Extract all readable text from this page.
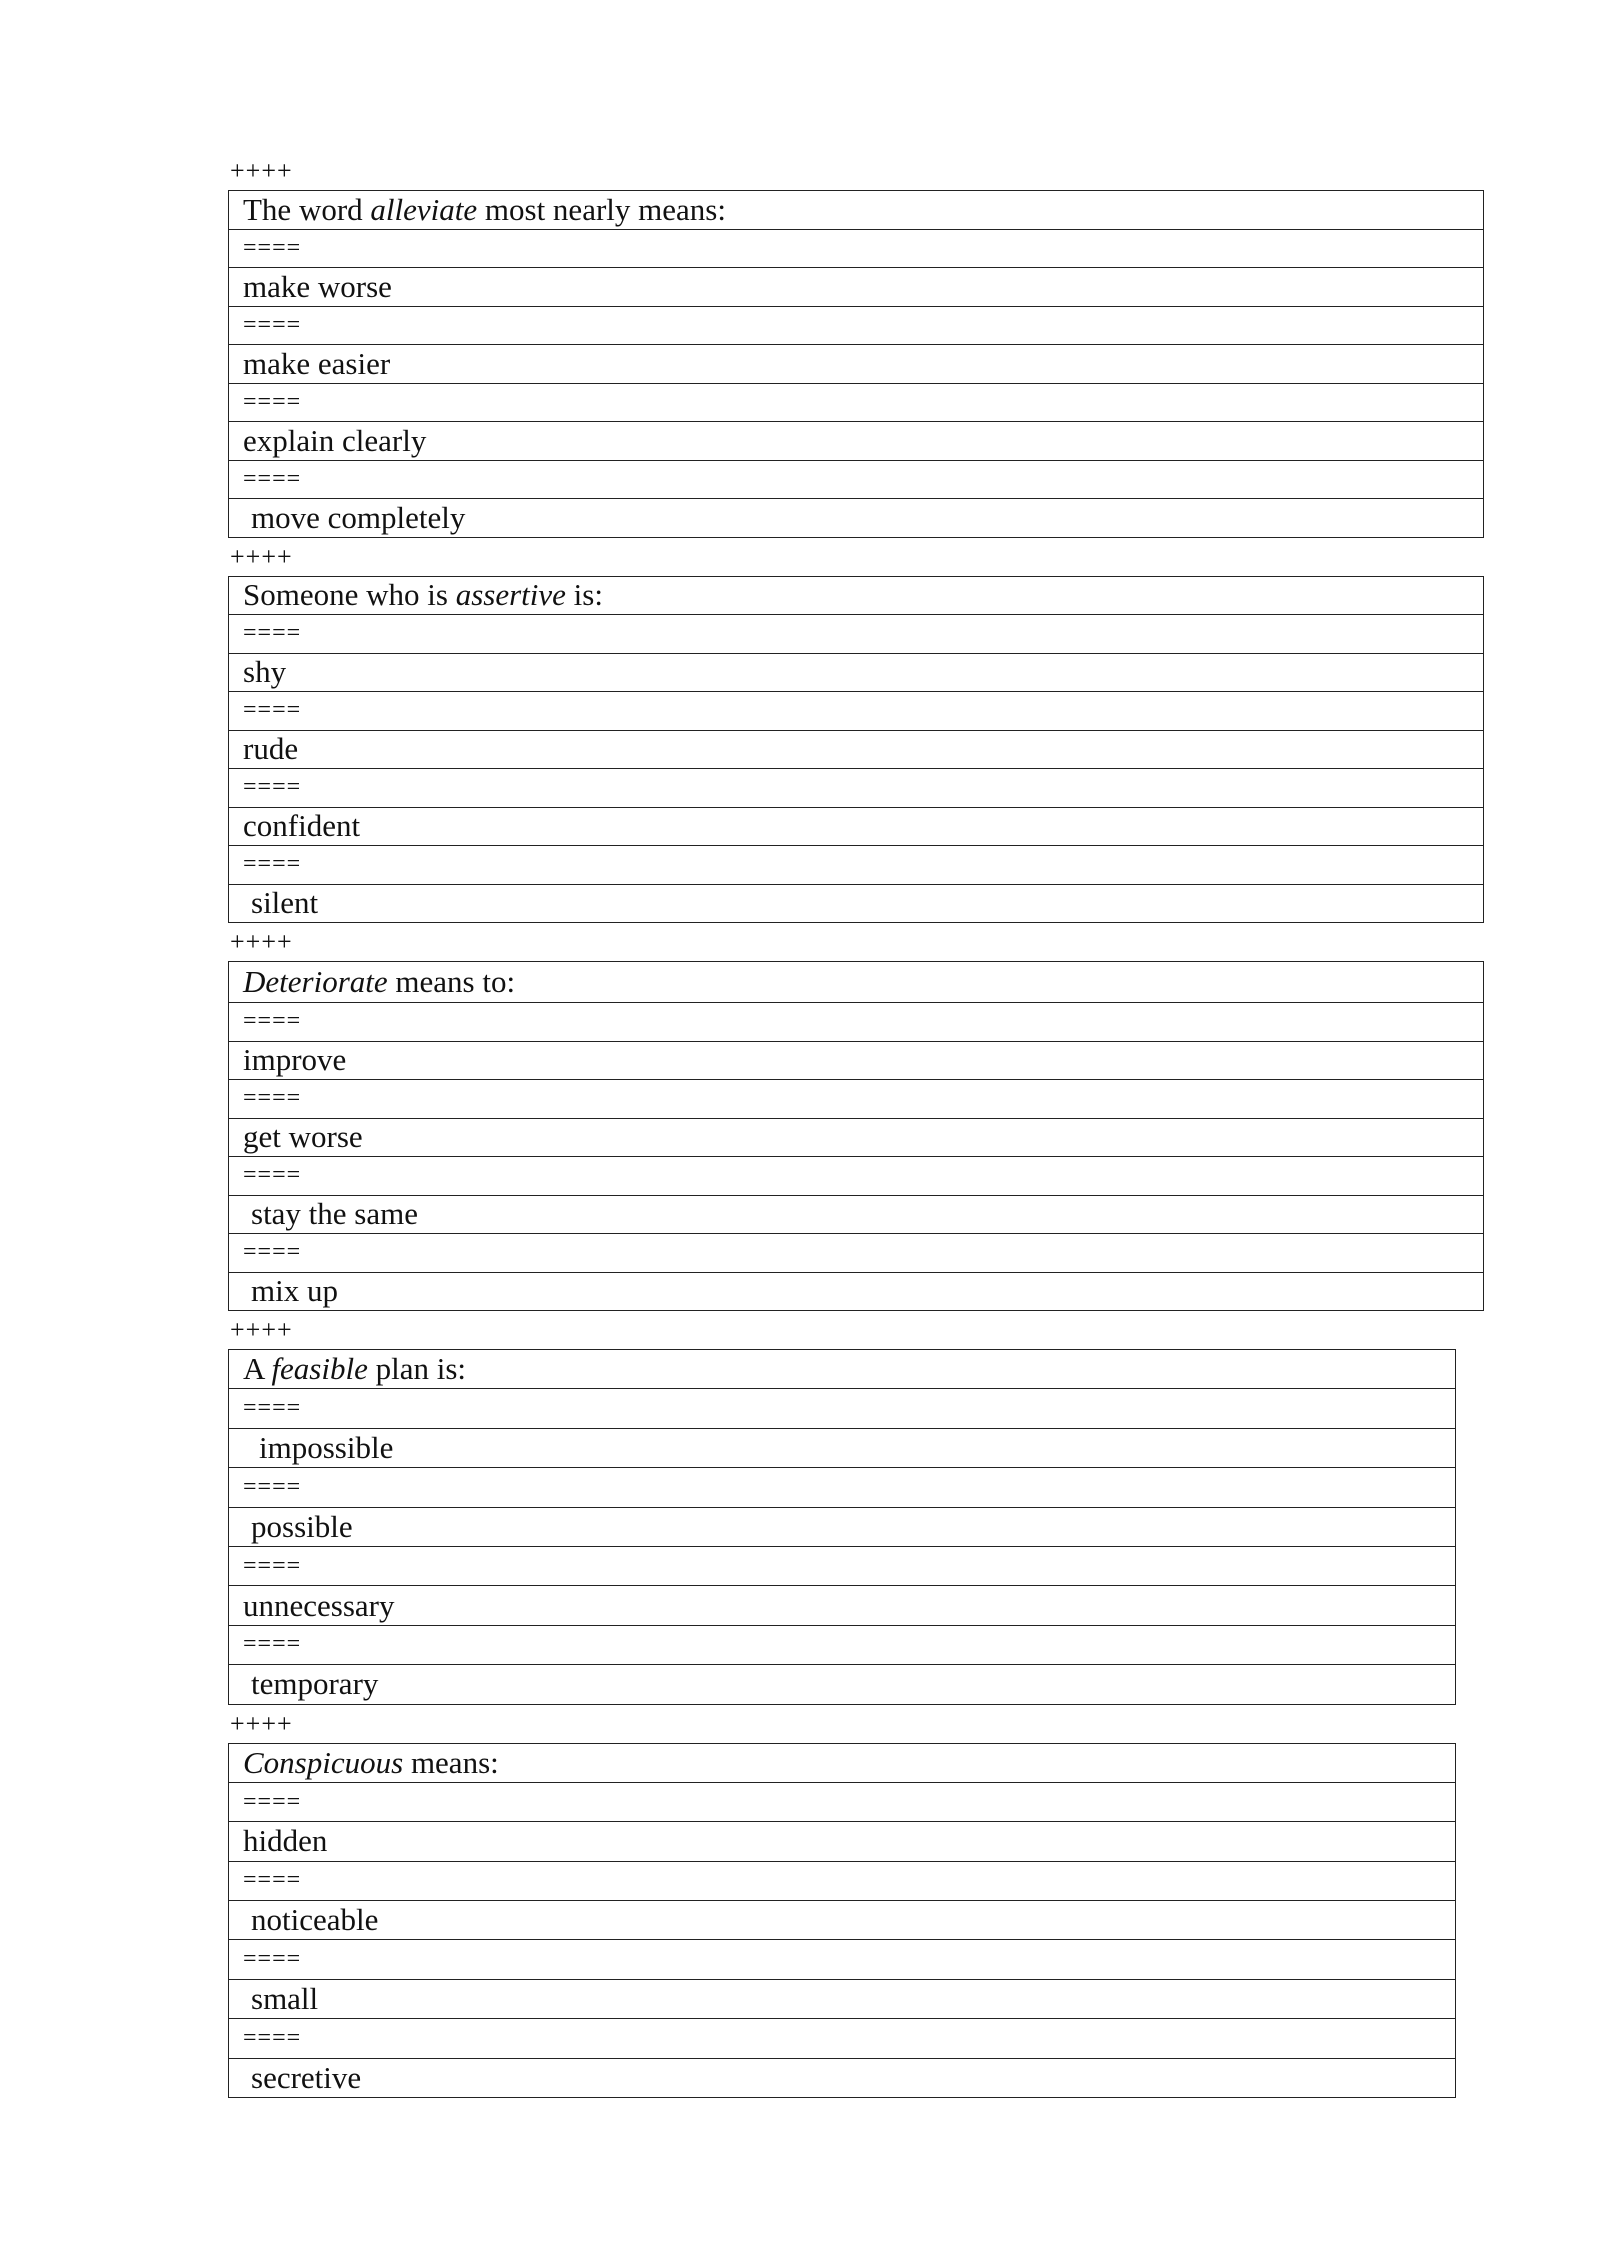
++++
The word alleviate most nearly means:
====
make worse
====
make easier
====
explain clearly
====
move completely
++++
Someone who is assertive is:
====
shy
====
rude
====
confident
====
silent
++++
Deteriorate means to:
====
improve
====
get worse
====
stay the same
====
mix up
++++
A feasible plan is:
====
impossible
====
possible
====
unnecessary
====
temporary
++++
Conspicuous means:
====
hidden
====
noticeable
====
small
====
secretive
